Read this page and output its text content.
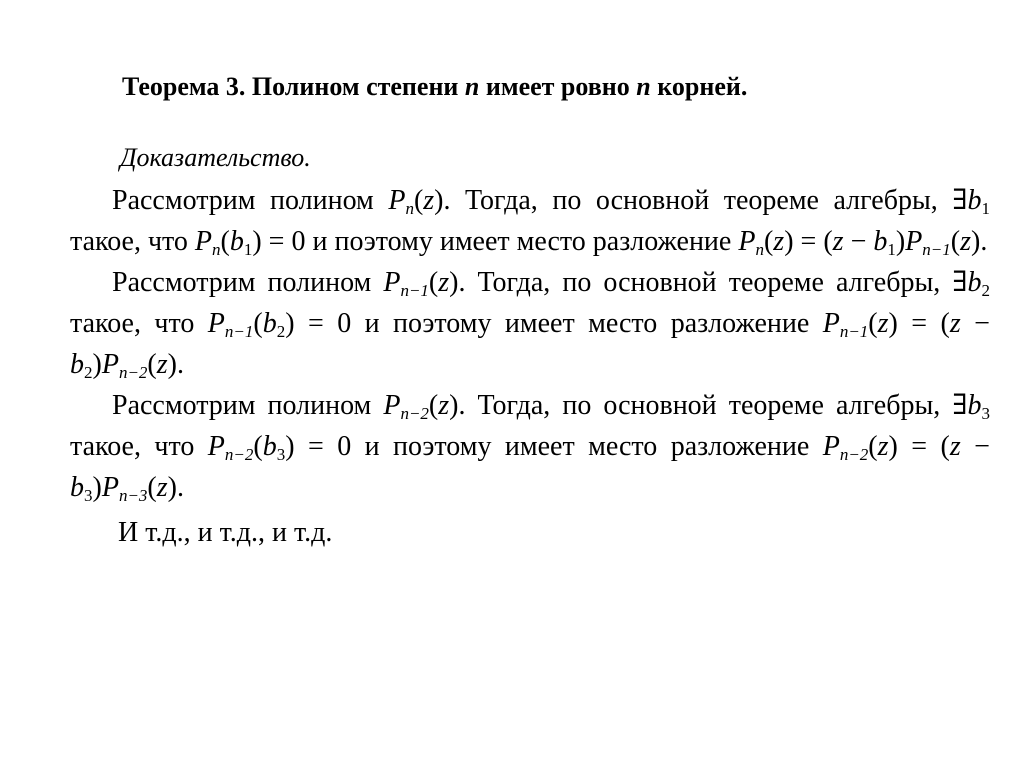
Теорема 3. Полином степени n имеет ровно n корней.
Доказательство.

Рассмотрим полином $P_n(z)$. Тогда, по основной теореме алгебры, $\exists b_1$ такое, что $P_n(b_1) = 0$ и поэтому имеет место разложение $P_n(z) = (z - b_1)P_{n-1}(z)$.

Рассмотрим полином $P_{n-1}(z)$. Тогда, по основной теореме алгебры, $\exists b_2$ такое, что $P_{n-1}(b_2) = 0$ и поэтому имеет место разложение $P_{n-1}(z) = (z - b_2)P_{n-2}(z)$.

Рассмотрим полином $P_{n-2}(z)$. Тогда, по основной теореме алгебры, $\exists b_3$ такое, что $P_{n-2}(b_3) = 0$ и поэтому имеет место разложение $P_{n-2}(z) = (z - b_3)P_{n-3}(z)$.

И т.д., и т.д., и т.д.
